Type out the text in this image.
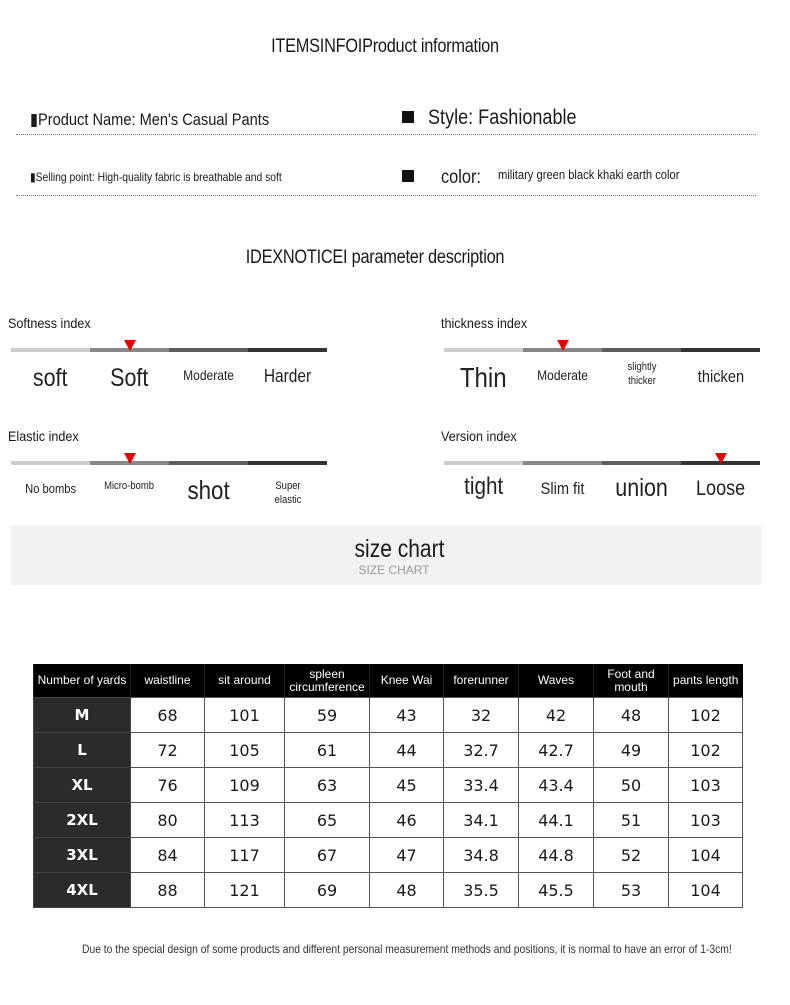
ITEMSINFOIProduct information
▮Product Name: Men's Casual Pants	Style: Fashionable
▮Selling point: High-quality fabric is breathable and soft	color:	military green black khaki earth color
IDEXNOTICEI parameter description
Softness index
soft	Soft	Moderate	Harder
thickness index
Thin	Moderate	slightly thicker	thicken
Elastic index
No bombs	Micro-bomb	shot	Super elastic
Version index
tight	Slim fit	union	Loose
size chart
SIZE CHART
Number of yards	waistline	sit around	spleen circumference	Knee Wai	forerunner	Waves	Foot and mouth	pants length
M	68	101	59	43	32	42	48	102
L	72	105	61	44	32.7	42.7	49	102
XL	76	109	63	45	33.4	43.4	50	103
2XL	80	113	65	46	34.1	44.1	51	103
3XL	84	117	67	47	34.8	44.8	52	104
4XL	88	121	69	48	35.5	45.5	53	104
Due to the special design of some products and different personal measurement methods and positions, it is normal to have an error of 1-3cm!
